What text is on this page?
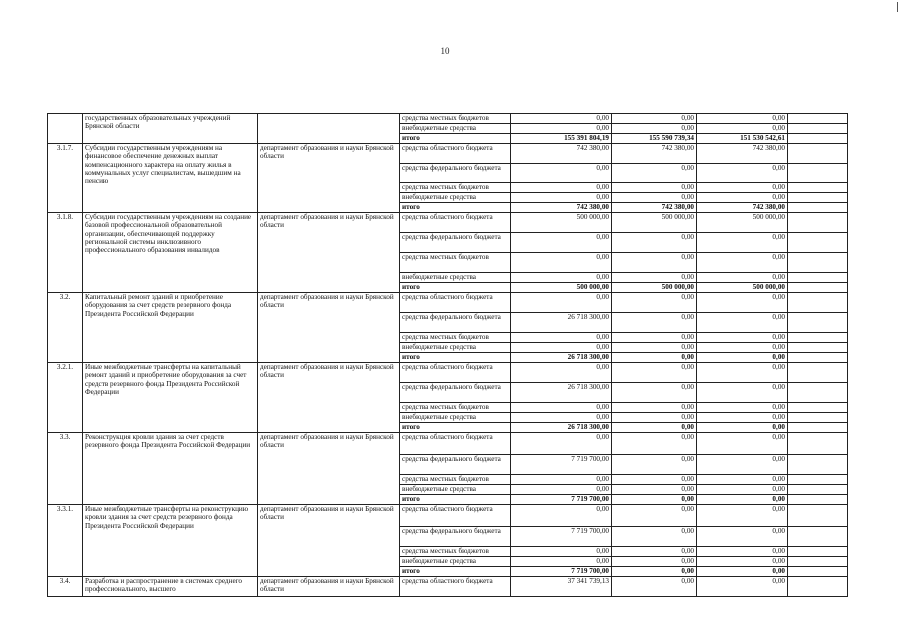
10
	государственных образовательных учреждений Брянской области		средства местных бюджетов	0,00	0,00	0,00	
			внебюджетные средства	0,00	0,00	0,00	
			итого	155 391 804,19	155 590 739,34	151 530 542,61	
3.1.7.	Субсидии государственным учреждениям на финансовое обеспечение денежных выплат компенсационного характера на оплату жилья в коммунальных услуг специалистам, вышедшим на пенсию	департамент образования и науки Брянской области	средства областного бюджета	742 380,00	742 380,00	742 380,00	
			средства федерального бюджета	0,00	0,00	0,00	
			средства местных бюджетов	0,00	0,00	0,00	
			внебюджетные средства	0,00	0,00	0,00	
			итого	742 380,00	742 380,00	742 380,00	
3.1.8.	Субсидии государственным учреждениям на создание базовой профессиональной образовательной организации, обеспечивающей поддержку региональной системы инклюзивного профессионального образования инвалидов	департамент образования и науки Брянской области	средства областного бюджета	500 000,00	500 000,00	500 000,00	
			средства федерального бюджета	0,00	0,00	0,00	
			средства местных бюджетов	0,00	0,00	0,00	
			внебюджетные средства	0,00	0,00	0,00	
			итого	500 000,00	500 000,00	500 000,00	
3.2.	Капитальный ремонт зданий и приобретение оборудования за счет средств резервного фонда Президента Российской Федерации	департамент образования и науки Брянской области	средства областного бюджета	0,00	0,00	0,00	
			средства федерального бюджета	26 718 300,00	0,00	0,00	
			средства местных бюджетов	0,00	0,00	0,00	
			внебюджетные средства	0,00	0,00	0,00	
			итого	26 718 300,00	0,00	0,00	
3.2.1.	Иные межбюджетные трансферты на капитальный ремонт зданий и приобретение оборудования за счет средств резервного фонда Президента Российской Федерации	департамент образования и науки Брянской области	средства областного бюджета	0,00	0,00	0,00	
			средства федерального бюджета	26 718 300,00	0,00	0,00	
			средства местных бюджетов	0,00	0,00	0,00	
			внебюджетные средства	0,00	0,00	0,00	
			итого	26 718 300,00	0,00	0,00	
3.3.	Реконструкция кровли здания за счет средств резервного фонда Президента Российской Федерации	департамент образования и науки Брянской области	средства областного бюджета	0,00	0,00	0,00	
			средства федерального бюджета	7 719 700,00	0,00	0,00	
			средства местных бюджетов	0,00	0,00	0,00	
			внебюджетные средства	0,00	0,00	0,00	
			итого	7 719 700,00	0,00	0,00	
3.3.1.	Иные межбюджетные трансферты на реконструкцию кровли здания за счет средств резервного фонда Президента Российской Федерации	департамент образования и науки Брянской области	средства областного бюджета	0,00	0,00	0,00	
			средства федерального бюджета	7 719 700,00	0,00	0,00	
			средства местных бюджетов	0,00	0,00	0,00	
			внебюджетные средства	0,00	0,00	0,00	
			итого	7 719 700,00	0,00	0,00	
3.4.	Разработка и распространение в системах среднего профессионального, высшего	департамент образования и науки Брянской области	средства областного бюджета	37 341 739,13	0,00	0,00	
